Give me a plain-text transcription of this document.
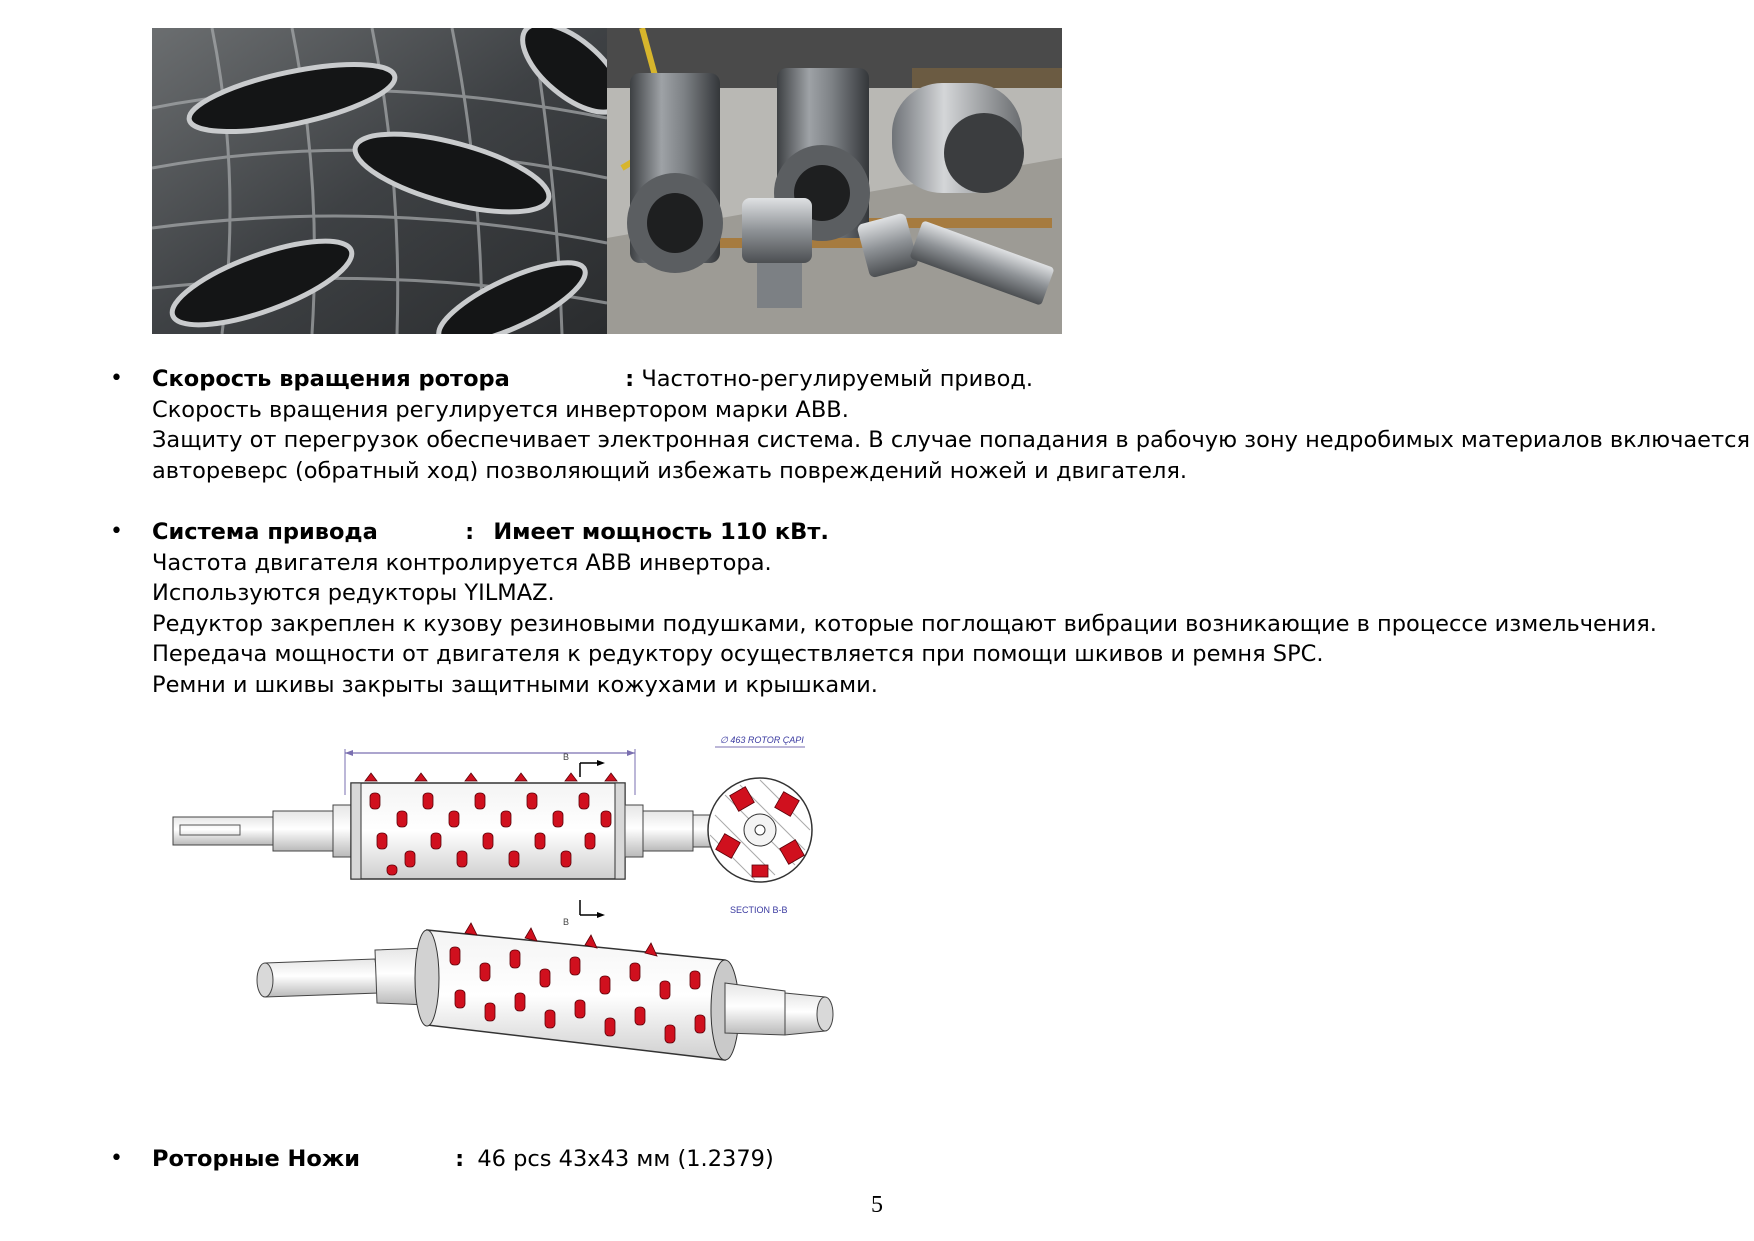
•	Скорость вращения ротора	: Частотно-регулируемый привод.
Скорость вращения регулируется инвертором марки ABB.
Защиту от перегрузок обеспечивает электронная система. В случае попадания в рабочую зону недробимых материалов включается
автореверс (обратный ход) позволяющий избежать повреждений ножей и двигателя.
•	Система привода	: Имеет мощность 110 кВт.
Частота двигателя контролируется ABB инвертора.
Используются редукторы YILMAZ.
Редуктор закреплен к кузову резиновыми подушками, которые поглощают вибрации возникающие в процессе измельчения.
Передача мощности от двигателя к редуктору осуществляется при помощи шкивов и ремня SPC.
Ремни и шкивы закрыты защитными кожухами и крышками.
B
B
∅ 463 ROTOR ÇAPI
SECTION B-B
•	Роторные Ножи	: 46 pcs 43x43 мм (1.2379)
5
